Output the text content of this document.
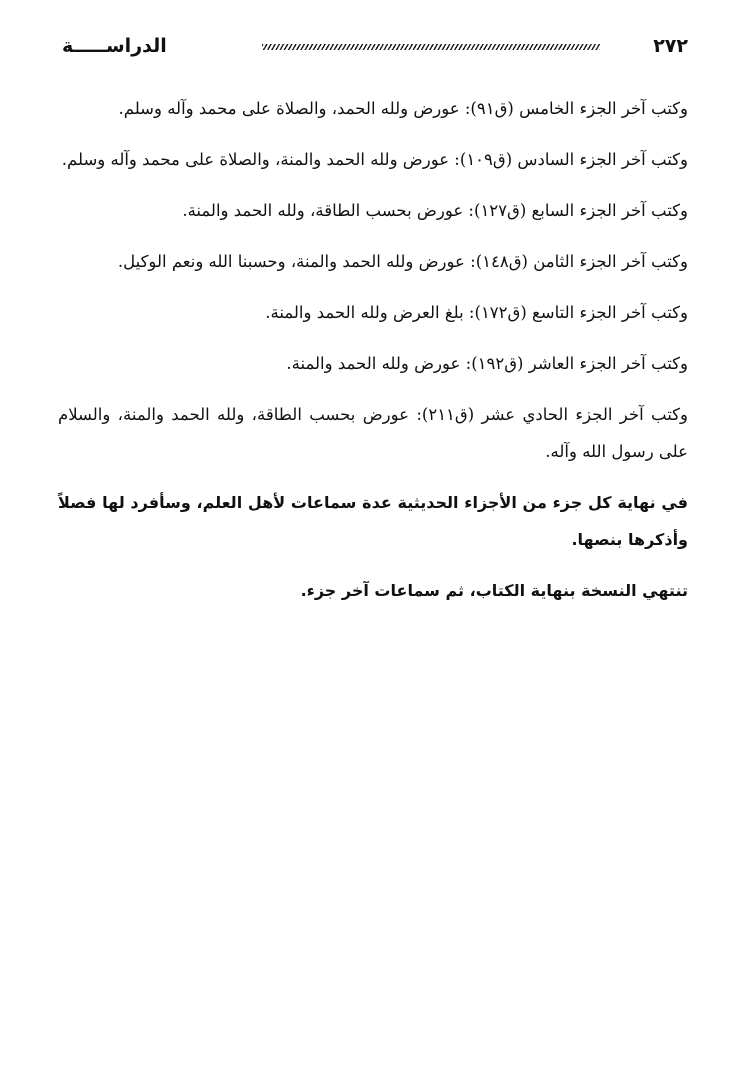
الدراســـــة	٢٧٢

وكتب آخر الجزء الخامس (ق٩١): عورض ولله الحمد، والصلاة على محمد وآله وسلم.

وكتب آخر الجزء السادس (ق١٠٩): عورض ولله الحمد والمنة، والصلاة على محمد وآله وسلم.

وكتب آخر الجزء السابع (ق١٢٧): عورض بحسب الطاقة، ولله الحمد والمنة.

وكتب آخر الجزء الثامن (ق١٤٨): عورض ولله الحمد والمنة، وحسبنا الله ونعم الوكيل.

وكتب آخر الجزء التاسع (ق١٧٢): بلغ العرض ولله الحمد والمنة.

وكتب آخر الجزء العاشر (ق١٩٢): عورض ولله الحمد والمنة.

وكتب آخر الجزء الحادي عشر (ق٢١١): عورض بحسب الطاقة، ولله الحمد والمنة، والسلام على رسول الله وآله.

في نهاية كل جزء من الأجزاء الحديثية عدة سماعات لأهل العلم، وسأفرد لها فصلاً وأذكرها بنصها.

تنتهي النسخة بنهاية الكتاب، ثم سماعات آخر جزء.
